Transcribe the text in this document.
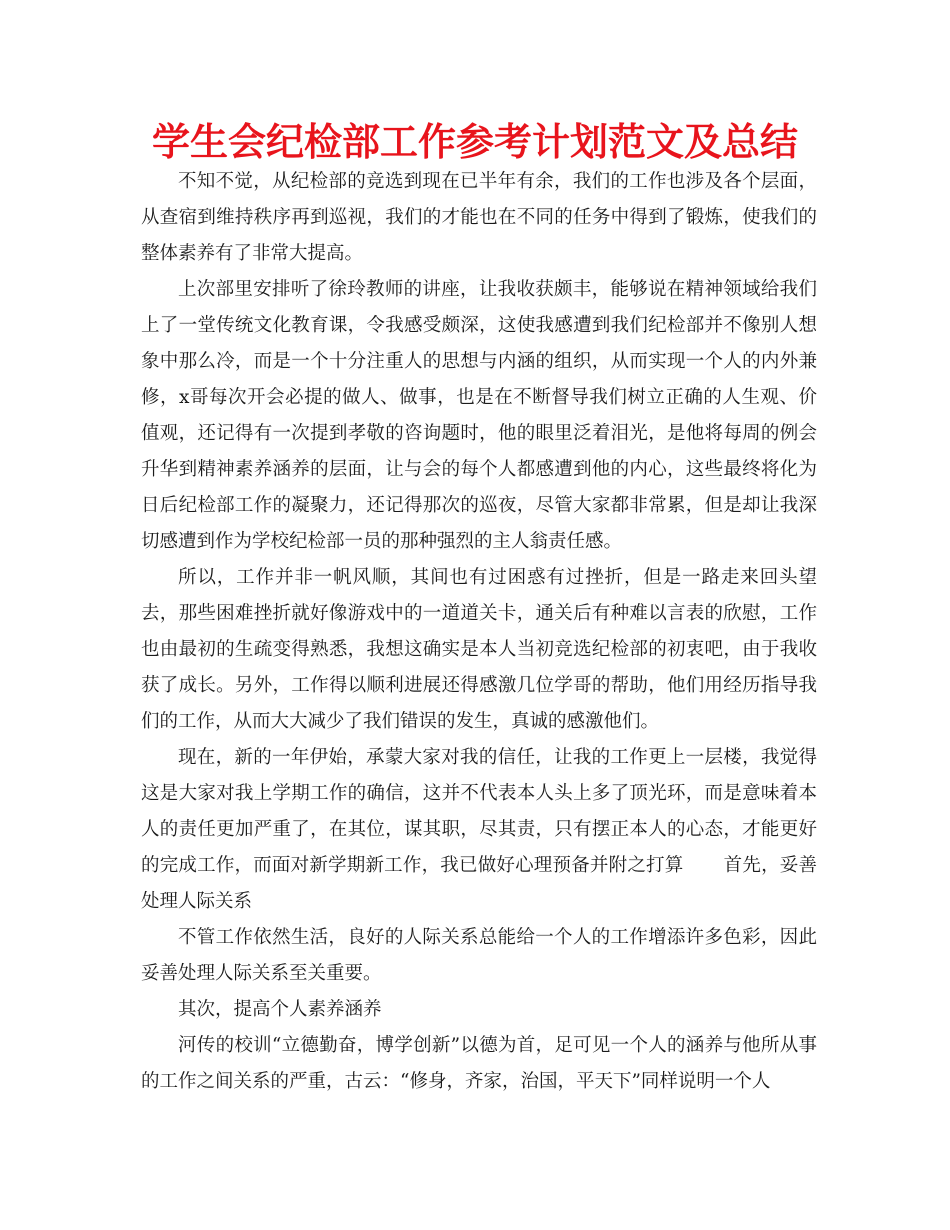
学生会纪检部工作参考计划范文及总结

不知不觉，从纪检部的竞选到现在已半年有余，我们的工作也涉及各个层面，从查宿到维持秩序再到巡视，我们的才能也在不同的任务中得到了锻炼，使我们的整体素养有了非常大提高。

上次部里安排听了徐玲教师的讲座，让我收获颇丰，能够说在精神领域给我们上了一堂传统文化教育课，令我感受颇深，这使我感遭到我们纪检部并不像别人想象中那么冷，而是一个十分注重人的思想与内涵的组织，从而实现一个人的内外兼修，x哥每次开会必提的做人、做事，也是在不断督导我们树立正确的人生观、价值观，还记得有一次提到孝敬的咨询题时，他的眼里泛着泪光，是他将每周的例会升华到精神素养涵养的层面，让与会的每个人都感遭到他的内心，这些最终将化为日后纪检部工作的凝聚力，还记得那次的巡夜，尽管大家都非常累，但是却让我深切感遭到作为学校纪检部一员的那种强烈的主人翁责任感。

所以，工作并非一帆风顺，其间也有过困惑有过挫折，但是一路走来回头望去，那些困难挫折就好像游戏中的一道道关卡，通关后有种难以言表的欣慰，工作也由最初的生疏变得熟悉，我想这确实是本人当初竞选纪检部的初衷吧，由于我收获了成长。另外，工作得以顺利进展还得感激几位学哥的帮助，他们用经历指导我们的工作，从而大大减少了我们错误的发生，真诚的感激他们。

现在，新的一年伊始，承蒙大家对我的信任，让我的工作更上一层楼，我觉得这是大家对我上学期工作的确信，这并不代表本人头上多了顶光环，而是意味着本人的责任更加严重了，在其位，谋其职，尽其责，只有摆正本人的心态，才能更好的完成工作，而面对新学期新工作，我已做好心理预备并附之打算 首先，妥善处理人际关系

不管工作依然生活，良好的人际关系总能给一个人的工作增添许多色彩，因此妥善处理人际关系至关重要。

其次，提高个人素养涵养

河传的校训“立德勤奋，博学创新”以德为首，足可见一个人的涵养与他所从事的工作之间关系的严重，古云：“修身，齐家，治国，平天下”同样说明一个人
